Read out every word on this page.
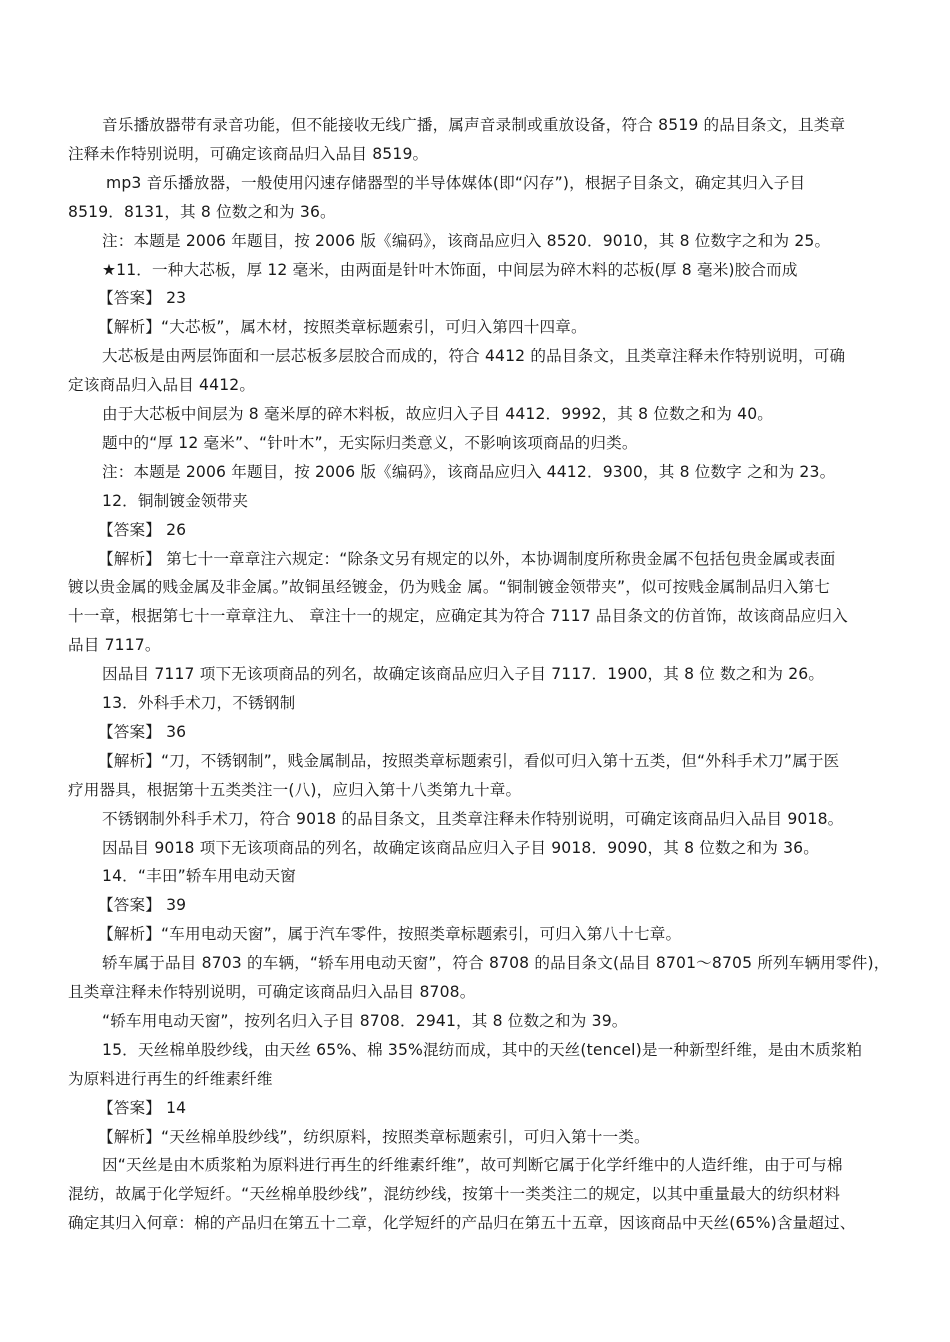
音乐播放器带有录音功能，但不能接收无线广播，属声音录制或重放设备，符合 8519 的品目条文，且类章
注释未作特别说明，可确定该商品归入品目 8519。
mp3 音乐播放器，一般使用闪速存储器型的半导体媒体(即“闪存”)，根据子目条文，确定其归入子目
8519．8131，其 8 位数之和为 36。
注：本题是 2006 年题目，按 2006 版《编码》，该商品应归入 8520．9010，其 8 位数字之和为 25。
★11．一种大芯板，厚 12 毫米，由两面是针叶木饰面，中间层为碎木料的芯板(厚 8 毫米)胶合而成
【答案】 23
【解析】“大芯板”，属木材，按照类章标题索引，可归入第四十四章。
大芯板是由两层饰面和一层芯板多层胶合而成的，符合 4412 的品目条文，且类章注释未作特别说明，可确
定该商品归入品目 4412。
由于大芯板中间层为 8 毫米厚的碎木料板，故应归入子目 4412．9992，其 8 位数之和为 40。
题中的“厚 12 毫米”、“针叶木”，无实际归类意义，不影响该项商品的归类。
注：本题是 2006 年题目，按 2006 版《编码》，该商品应归入 4412．9300，其 8 位数字 之和为 23。
12．铜制镀金领带夹
【答案】 26
【解析】 第七十一章章注六规定：“除条文另有规定的以外，本协调制度所称贵金属不包括包贵金属或表面
镀以贵金属的贱金属及非金属。”故铜虽经镀金，仍为贱金 属。“铜制镀金领带夹”，似可按贱金属制品归入第七
十一章，根据第七十一章章注九、 章注十一的规定，应确定其为符合 7117 品目条文的仿首饰，故该商品应归入
品目 7117。
因品目 7117 项下无该项商品的列名，故确定该商品应归入子目 7117．1900，其 8 位 数之和为 26。
13．外科手术刀，不锈钢制
【答案】 36
【解析】“刀，不锈钢制”，贱金属制品，按照类章标题索引，看似可归入第十五类，但“外科手术刀”属于医
疗用器具，根据第十五类类注一(八)，应归入第十八类第九十章。
不锈钢制外科手术刀，符合 9018 的品目条文，且类章注释未作特别说明，可确定该商品归入品目 9018。
因品目 9018 项下无该项商品的列名，故确定该商品应归入子目 9018．9090，其 8 位数之和为 36。
14．“丰田”轿车用电动天窗
【答案】 39
【解析】“车用电动天窗”，属于汽车零件，按照类章标题索引，可归入第八十七章。
轿车属于品目 8703 的车辆，“轿车用电动天窗”，符合 8708 的品目条文(品目 8701～8705 所列车辆用零件)，
且类章注释未作特别说明，可确定该商品归入品目 8708。
“轿车用电动天窗”，按列名归入子目 8708．2941，其 8 位数之和为 39。
15．天丝棉单股纱线，由天丝 65%、棉 35%混纺而成，其中的天丝(tencel)是一种新型纤维，是由木质浆粕
为原料进行再生的纤维素纤维
【答案】 14
【解析】“天丝棉单股纱线”，纺织原料，按照类章标题索引，可归入第十一类。
因“天丝是由木质浆粕为原料进行再生的纤维素纤维”，故可判断它属于化学纤维中的人造纤维，由于可与棉
混纺，故属于化学短纤。“天丝棉单股纱线”，混纺纱线，按第十一类类注二的规定，以其中重量最大的纺织材料
确定其归入何章：棉的产品归在第五十二章，化学短纤的产品归在第五十五章，因该商品中天丝(65%)含量超过、
